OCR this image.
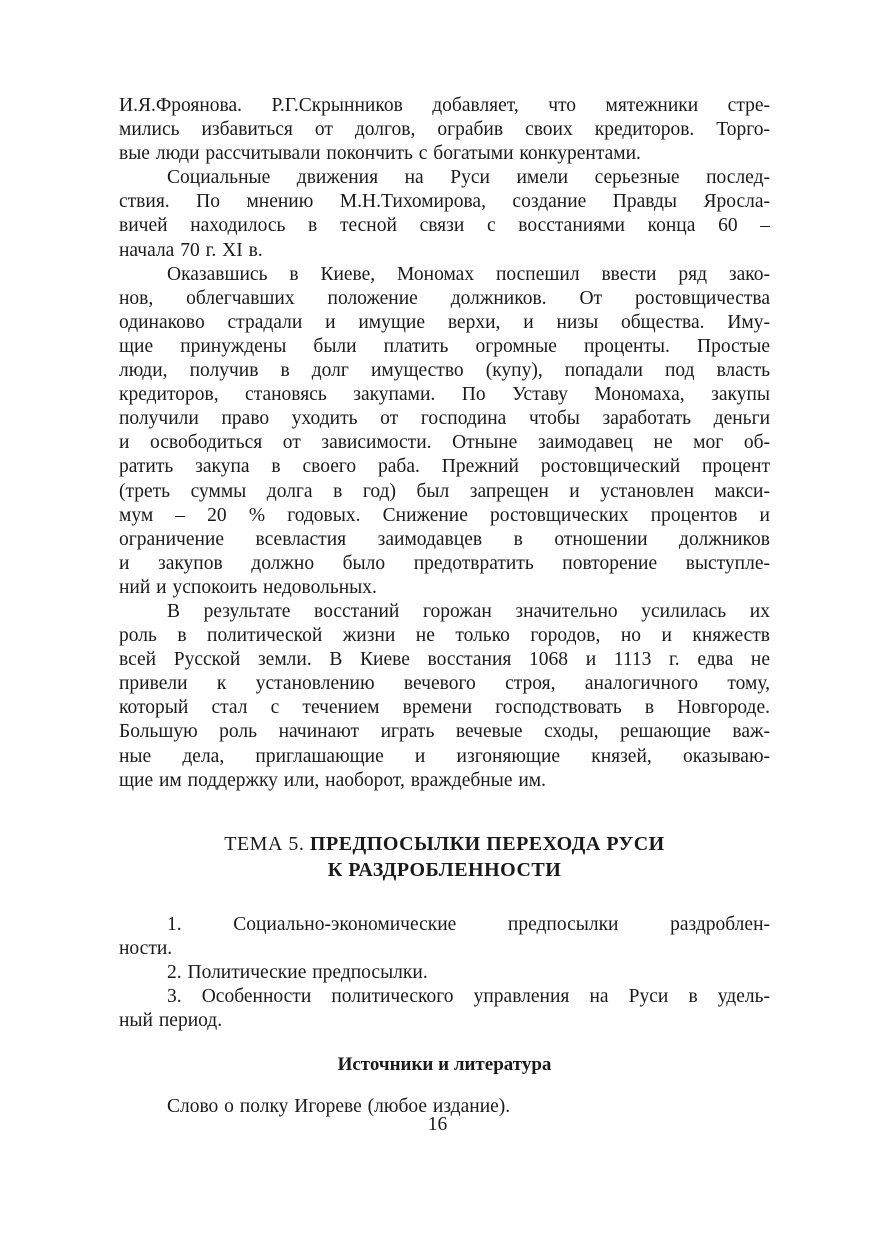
И.Я.Фроянова. Р.Г.Скрынников добавляет, что мятежники стре-
мились избавиться от долгов, ограбив своих кредиторов. Торго-
вые люди рассчитывали покончить с богатыми конкурентами.
Социальные движения на Руси имели серьезные послед-
ствия. По мнению М.Н.Тихомирова, создание Правды Яросла-
вичей находилось в тесной связи с восстаниями конца 60 –
начала 70 г. XI в.
Оказавшись в Киеве, Мономах поспешил ввести ряд зако-
нов, облегчавших положение должников. От ростовщичества
одинаково страдали и имущие верхи, и низы общества. Иму-
щие принуждены были платить огромные проценты. Простые
люди, получив в долг имущество (купу), попадали под власть
кредиторов, становясь закупами. По Уставу Мономаха, закупы
получили право уходить от господина чтобы заработать деньги
и освободиться от зависимости. Отныне заимодавец не мог об-
ратить закупа в своего раба. Прежний ростовщический процент
(треть суммы долга в год) был запрещен и установлен макси-
мум – 20 % годовых. Снижение ростовщических процентов и
ограничение всевластия заимодавцев в отношении должников
и закупов должно было предотвратить повторение выступле-
ний и успокоить недовольных.
В результате восстаний горожан значительно усилилась их
роль в политической жизни не только городов, но и княжеств
всей Русской земли. В Киеве восстания 1068 и 1113 г. едва не
привели к установлению вечевого строя, аналогичного тому,
который стал с течением времени господствовать в Новгороде.
Большую роль начинают играть вечевые сходы, решающие важ-
ные дела, приглашающие и изгоняющие князей, оказываю-
щие им поддержку или, наоборот, враждебные им.
ТЕМА 5. ПРЕДПОСЫЛКИ ПЕРЕХОДА РУСИ
К РАЗДРОБЛЕННОСТИ
1. Социально-экономические предпосылки раздроблен-
ности.
2. Политические предпосылки.
3. Особенности политического управления на Руси в удель-
ный период.
Источники и литература
Слово о полку Игореве (любое издание).
16
